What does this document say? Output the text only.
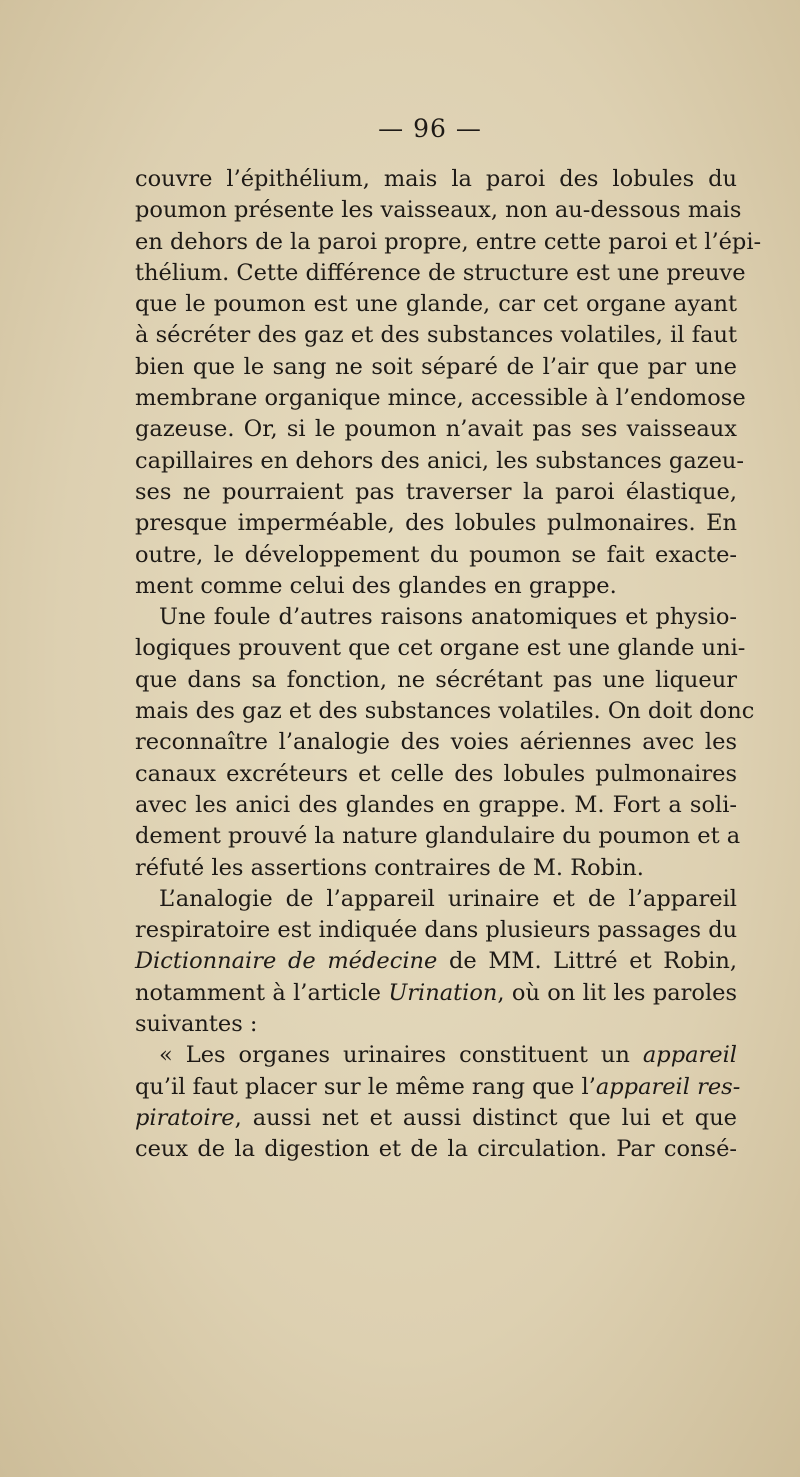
— 96 —
couvre l’épithélium, mais la paroi des lobules du
poumon présente les vaisseaux, non au-dessous mais
en dehors de la paroi propre, entre cette paroi et l’épi-
thélium. Cette différence de structure est une preuve
que le poumon est une glande, car cet organe ayant
à sécréter des gaz et des substances volatiles, il faut
bien que le sang ne soit séparé de l’air que par une
membrane organique mince, accessible à l’endomose
gazeuse. Or, si le poumon n’avait pas ses vaisseaux
capillaires en dehors des anici, les substances gazeu-
ses ne pourraient pas traverser la paroi élastique,
presque imperméable, des lobules pulmonaires. En
outre, le développement du poumon se fait exacte-
ment comme celui des glandes en grappe.
Une foule d’autres raisons anatomiques et physio-
logiques prouvent que cet organe est une glande uni-
que dans sa fonction, ne sécrétant pas une liqueur
mais des gaz et des substances volatiles. On doit donc
reconnaître l’analogie des voies aériennes avec les
canaux excréteurs et celle des lobules pulmonaires
avec les anici des glandes en grappe. M. Fort a soli-
dement prouvé la nature glandulaire du poumon et a
réfuté les assertions contraires de M. Robin.
L’analogie de l’appareil urinaire et de l’appareil
respiratoire est indiquée dans plusieurs passages du
Dictionnaire de médecine de MM. Littré et Robin,
notamment à l’article Urination, où on lit les paroles
suivantes :
« Les organes urinaires constituent un appareil
qu’il faut placer sur le même rang que l’appareil res-
piratoire, aussi net et aussi distinct que lui et que
ceux de la digestion et de la circulation. Par consé-
